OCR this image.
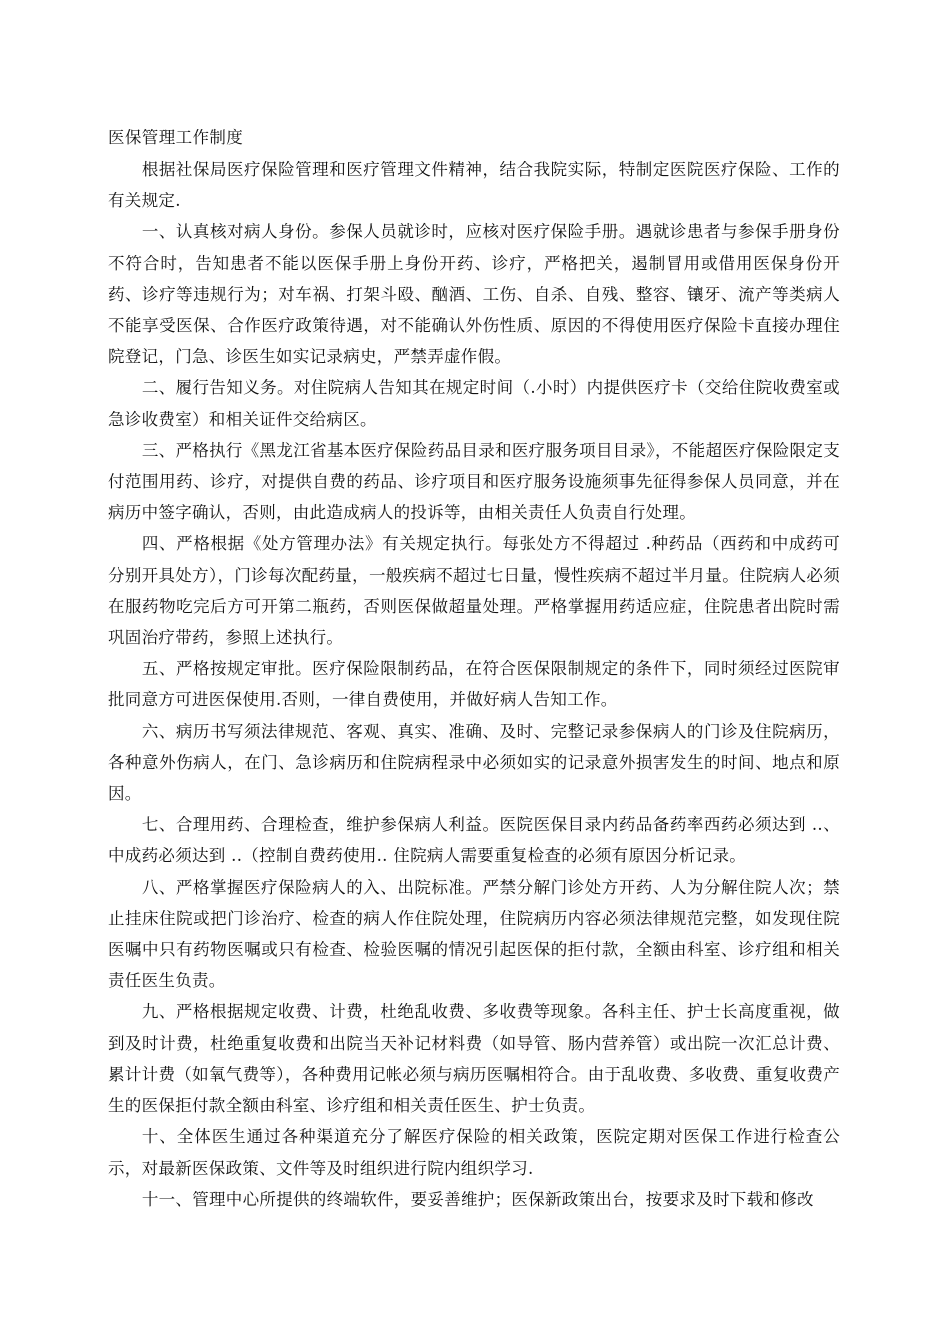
医保管理工作制度

根据社保局医疗保险管理和医疗管理文件精神，结合我院实际，特制定医院医疗保险、工作的有关规定.

一、认真核对病人身份。参保人员就诊时，应核对医疗保险手册。遇就诊患者与参保手册身份不符合时，告知患者不能以医保手册上身份开药、诊疗，严格把关，遏制冒用或借用医保身份开药、诊疗等违规行为；对车祸、打架斗殴、酗酒、工伤、自杀、自残、整容、镶牙、流产等类病人不能享受医保、合作医疗政策待遇，对不能确认外伤性质、原因的不得使用医疗保险卡直接办理住院登记，门急、诊医生如实记录病史，严禁弄虚作假。

二、履行告知义务。对住院病人告知其在规定时间（.小时）内提供医疗卡（交给住院收费室或急诊收费室）和相关证件交给病区。

三、严格执行《黑龙江省基本医疗保险药品目录和医疗服务项目目录》，不能超医疗保险限定支付范围用药、诊疗，对提供自费的药品、诊疗项目和医疗服务设施须事先征得参保人员同意，并在病历中签字确认，否则，由此造成病人的投诉等，由相关责任人负责自行处理。

四、严格根据《处方管理办法》有关规定执行。每张处方不得超过 .种药品（西药和中成药可分别开具处方），门诊每次配药量，一般疾病不超过七日量，慢性疾病不超过半月量。住院病人必须在服药物吃完后方可开第二瓶药，否则医保做超量处理。严格掌握用药适应症，住院患者出院时需巩固治疗带药，参照上述执行。

五、严格按规定审批。医疗保险限制药品，在符合医保限制规定的条件下，同时须经过医院审批同意方可进医保使用.否则，一律自费使用，并做好病人告知工作。

六、病历书写须法律规范、客观、真实、准确、及时、完整记录参保病人的门诊及住院病历，各种意外伤病人，在门、急诊病历和住院病程录中必须如实的记录意外损害发生的时间、地点和原因。

七、合理用药、合理检查，维护参保病人利益。医院医保目录内药品备药率西药必须达到 ..、中成药必须达到 ..（控制自费药使用.. 住院病人需要重复检查的必须有原因分析记录。

八、严格掌握医疗保险病人的入、出院标准。严禁分解门诊处方开药、人为分解住院人次；禁止挂床住院或把门诊治疗、检查的病人作住院处理，住院病历内容必须法律规范完整，如发现住院医嘱中只有药物医嘱或只有检查、检验医嘱的情况引起医保的拒付款，全额由科室、诊疗组和相关责任医生负责。

九、严格根据规定收费、计费，杜绝乱收费、多收费等现象。各科主任、护士长高度重视，做到及时计费，杜绝重复收费和出院当天补记材料费（如导管、肠内营养管）或出院一次汇总计费、累计计费（如氧气费等），各种费用记帐必须与病历医嘱相符合。由于乱收费、多收费、重复收费产生的医保拒付款全额由科室、诊疗组和相关责任医生、护士负责。

十、全体医生通过各种渠道充分了解医疗保险的相关政策，医院定期对医保工作进行检查公示，对最新医保政策、文件等及时组织进行院内组织学习.

十一、管理中心所提供的终端软件，要妥善维护；医保新政策出台，按要求及时下载和修改
